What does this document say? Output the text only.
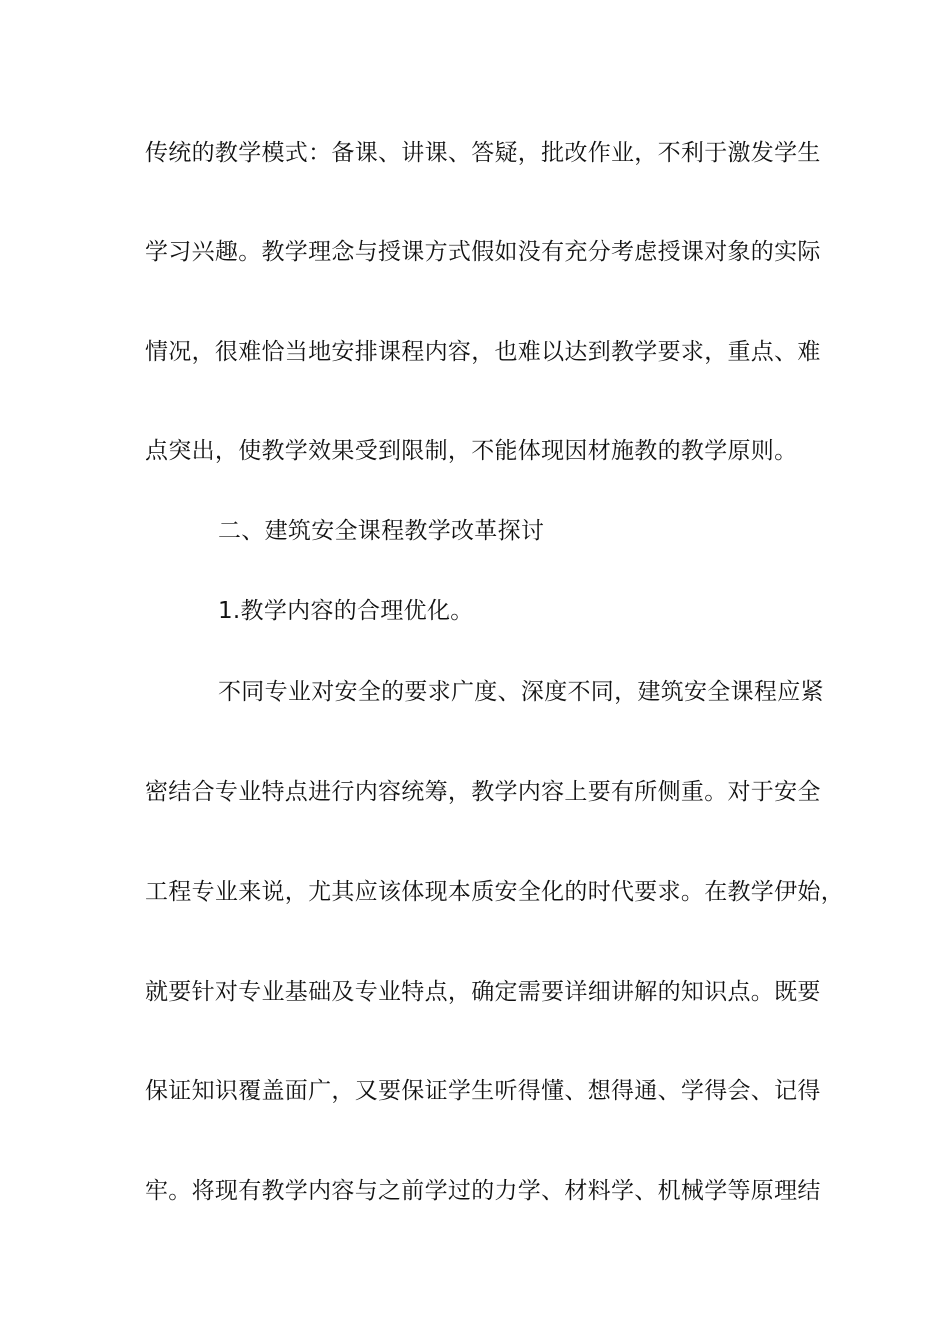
传统的教学模式：备课、讲课、答疑，批改作业，不利于激发学生
学习兴趣。教学理念与授课方式假如没有充分考虑授课对象的实际
情况，很难恰当地安排课程内容，也难以达到教学要求，重点、难
点突出，使教学效果受到限制，不能体现因材施教的教学原则。
二、建筑安全课程教学改革探讨
1.教学内容的合理优化。
不同专业对安全的要求广度、深度不同，建筑安全课程应紧
密结合专业特点进行内容统筹，教学内容上要有所侧重。对于安全
工程专业来说，尤其应该体现本质安全化的时代要求。在教学伊始，
就要针对专业基础及专业特点，确定需要详细讲解的知识点。既要
保证知识覆盖面广，又要保证学生听得懂、想得通、学得会、记得
牢。将现有教学内容与之前学过的力学、材料学、机械学等原理结
